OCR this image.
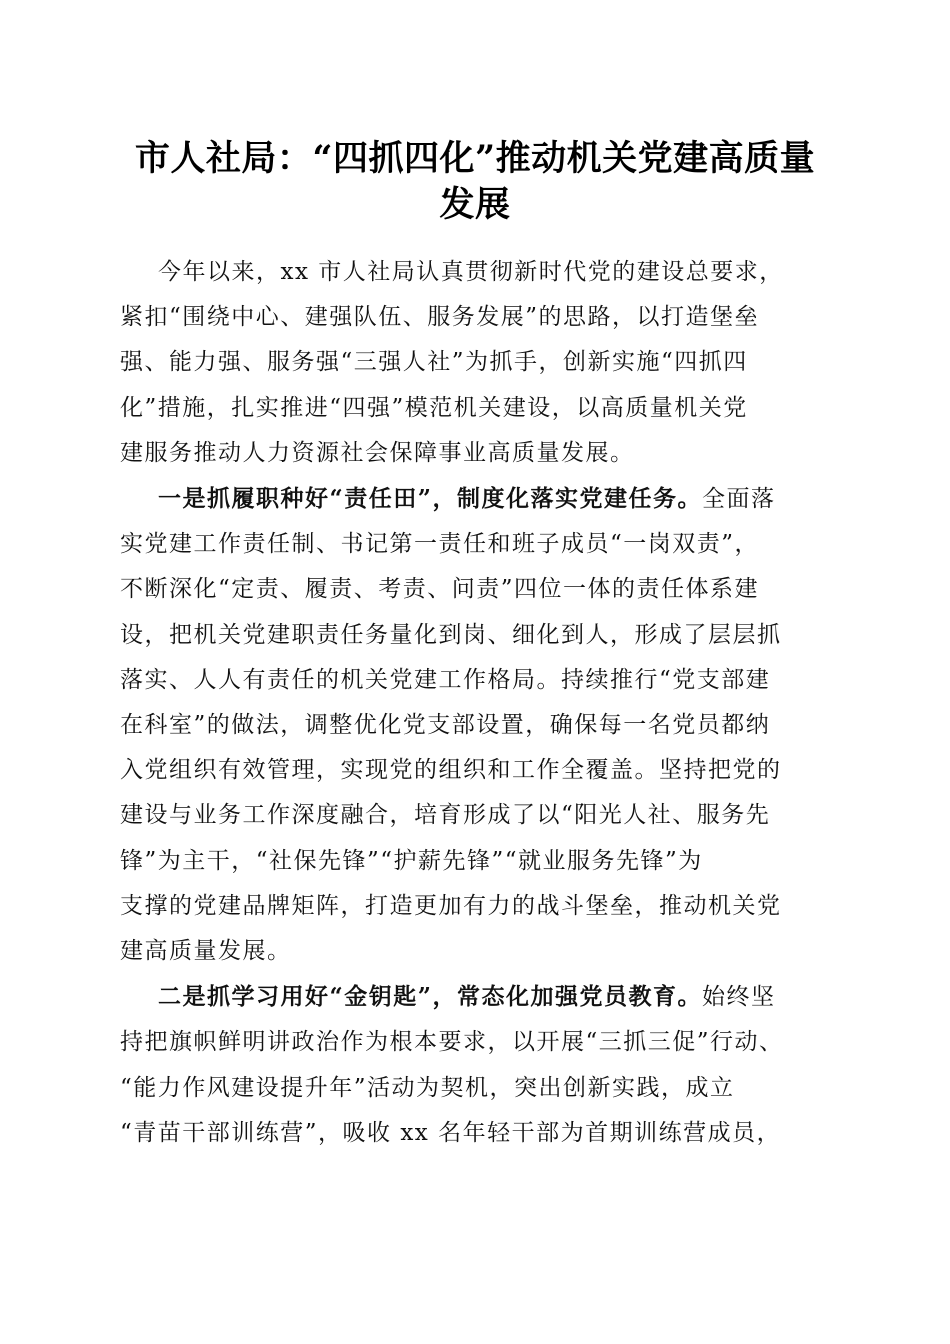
市人社局：“四抓四化”推动机关党建高质量
发展

今年以来，xx 市人社局认真贯彻新时代党的建设总要求，
紧扣“围绕中心、建强队伍、服务发展”的思路，以打造堡垒
强、能力强、服务强“三强人社”为抓手，创新实施“四抓四
化”措施，扎实推进“四强”模范机关建设，以高质量机关党
建服务推动人力资源社会保障事业高质量发展。

一是抓履职种好“责任田”，制度化落实党建任务。全面落
实党建工作责任制、书记第一责任和班子成员“一岗双责”，
不断深化“定责、履责、考责、问责”四位一体的责任体系建
设，把机关党建职责任务量化到岗、细化到人，形成了层层抓
落实、人人有责任的机关党建工作格局。持续推行“党支部建
在科室”的做法，调整优化党支部设置，确保每一名党员都纳
入党组织有效管理，实现党的组织和工作全覆盖。坚持把党的
建设与业务工作深度融合，培育形成了以“阳光人社、服务先
锋”为主干，“社保先锋”“护薪先锋”“就业服务先锋”为
支撑的党建品牌矩阵，打造更加有力的战斗堡垒，推动机关党
建高质量发展。

二是抓学习用好“金钥匙”，常态化加强党员教育。始终坚
持把旗帜鲜明讲政治作为根本要求，以开展“三抓三促”行动、
“能力作风建设提升年”活动为契机，突出创新实践，成立
“青苗干部训练营”，吸收 xx 名年轻干部为首期训练营成员，
